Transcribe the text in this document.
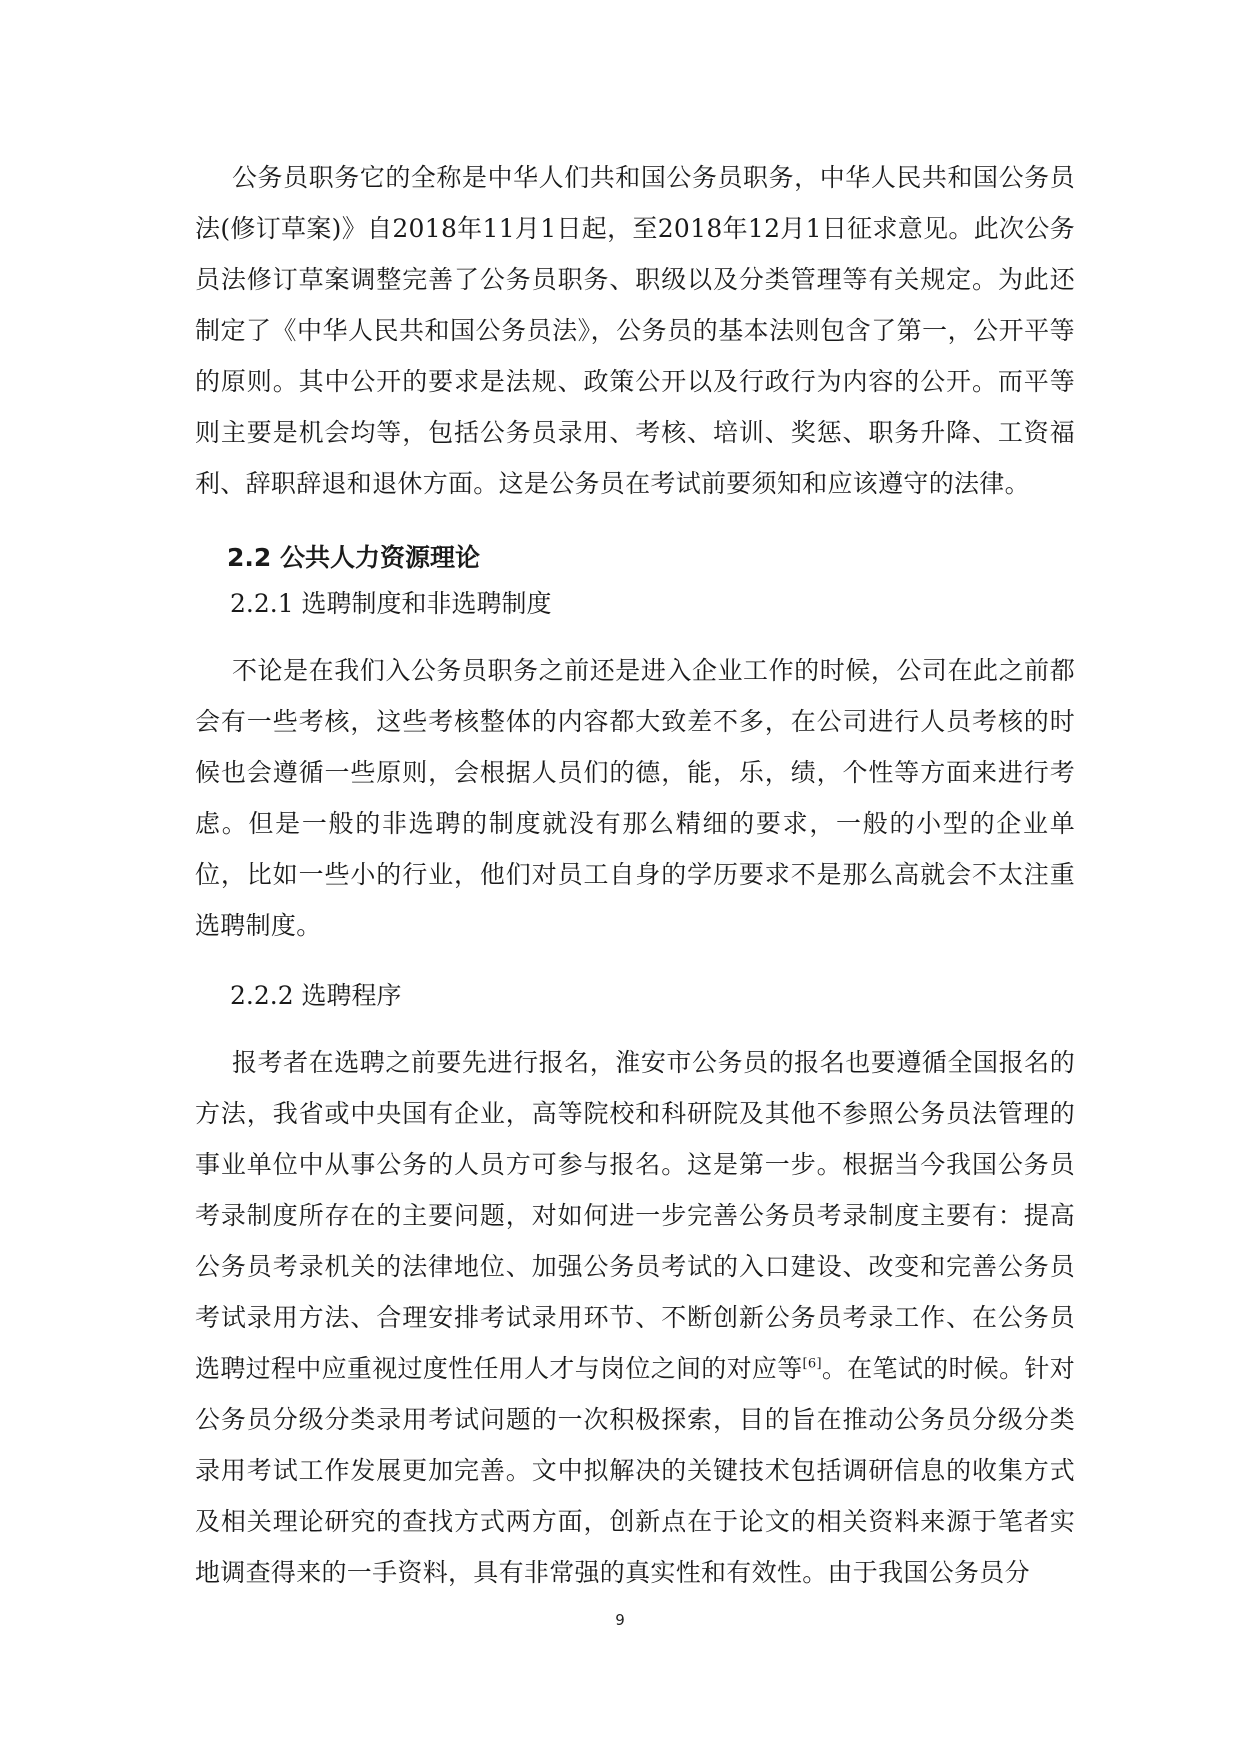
公务员职务它的全称是中华人们共和国公务员职务，中华人民共和国公务员法(修订草案)》自2018年11月1日起，至2018年12月1日征求意见。此次公务员法修订草案调整完善了公务员职务、职级以及分类管理等有关规定。为此还制定了《中华人民共和国公务员法》，公务员的基本法则包含了第一，公开平等的原则。其中公开的要求是法规、政策公开以及行政行为内容的公开。而平等则主要是机会均等，包括公务员录用、考核、培训、奖惩、职务升降、工资福利、辞职辞退和退休方面。这是公务员在考试前要须知和应该遵守的法律。

2.2 公共人力资源理论
2.2.1 选聘制度和非选聘制度

不论是在我们入公务员职务之前还是进入企业工作的时候，公司在此之前都会有一些考核，这些考核整体的内容都大致差不多，在公司进行人员考核的时候也会遵循一些原则，会根据人员们的德，能，乐，绩，个性等方面来进行考虑。但是一般的非选聘的制度就没有那么精细的要求，一般的小型的企业单位，比如一些小的行业，他们对员工自身的学历要求不是那么高就会不太注重选聘制度。

2.2.2 选聘程序

报考者在选聘之前要先进行报名，淮安市公务员的报名也要遵循全国报名的方法，我省或中央国有企业，高等院校和科研院及其他不参照公务员法管理的事业单位中从事公务的人员方可参与报名。这是第一步。根据当今我国公务员考录制度所存在的主要问题，对如何进一步完善公务员考录制度主要有：提高公务员考录机关的法律地位、加强公务员考试的入口建设、改变和完善公务员考试录用方法、合理安排考试录用环节、不断创新公务员考录工作、在公务员选聘过程中应重视过度性任用人才与岗位之间的对应等[6]。在笔试的时候。针对公务员分级分类录用考试问题的一次积极探索，目的旨在推动公务员分级分类录用考试工作发展更加完善。文中拟解决的关键技术包括调研信息的收集方式及相关理论研究的查找方式两方面，创新点在于论文的相关资料来源于笔者实地调查得来的一手资料，具有非常强的真实性和有效性。由于我国公务员分

9
